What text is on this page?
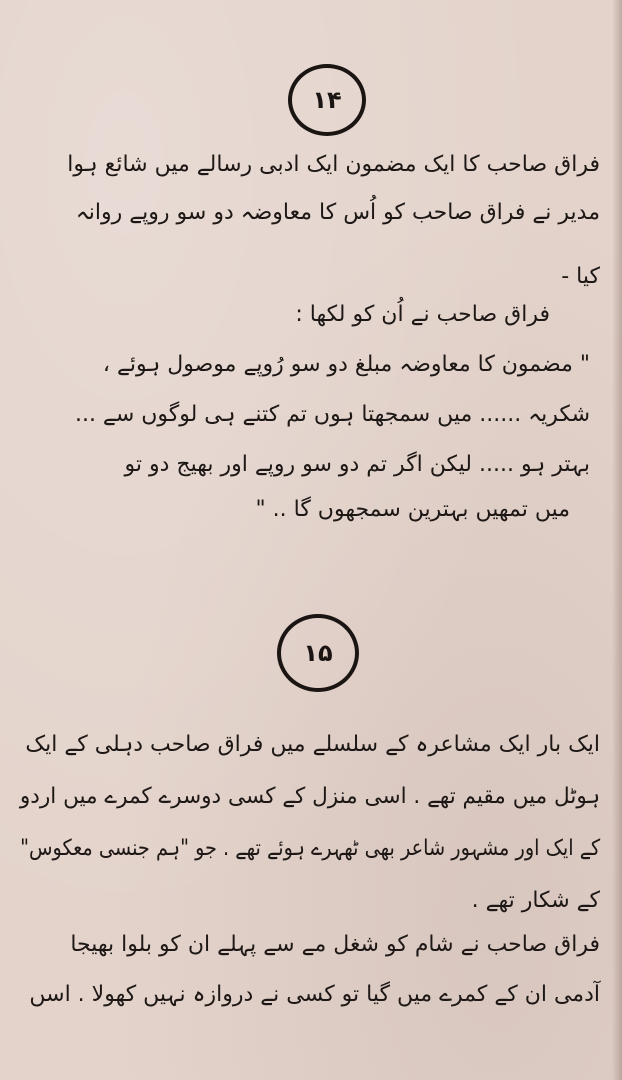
۱۴
فراق صاحب کا ایک مضمون ایک ادبی رسالے میں شائع ہوا
مدیر نے فراق صاحب کو اُس کا معاوضہ دو سو روپے روانہ
کیا -
فراق صاحب نے اُن کو لکھا :
" مضمون کا معاوضہ مبلغ دو سو رُوپے موصول ہوئے ،
شکریہ ...... میں سمجھتا ہوں تم کتنے ہی لوگوں سے ...
بہتر ہو ..... لیکن اگر تم دو سو روپے اور بھیج دو تو
میں تمھیں بہترین سمجھوں گا .. "
۱۵
ایک بار ایک مشاعرہ کے سلسلے میں فراق صاحب دہلی کے ایک
ہوٹل میں مقیم تھے . اسی منزل کے کسی دوسرے کمرے میں اردو
کے ایک اور مشہور شاعر بھی ٹھہرے ہوئے تھے . جو "ہم جنسی معکوس"
کے شکار تھے .
فراق صاحب نے شام کو شغل مے سے پہلے ان کو بلوا بھیجا
آدمی ان کے کمرے میں گیا تو کسی نے دروازہ نہیں کھولا . اسں
